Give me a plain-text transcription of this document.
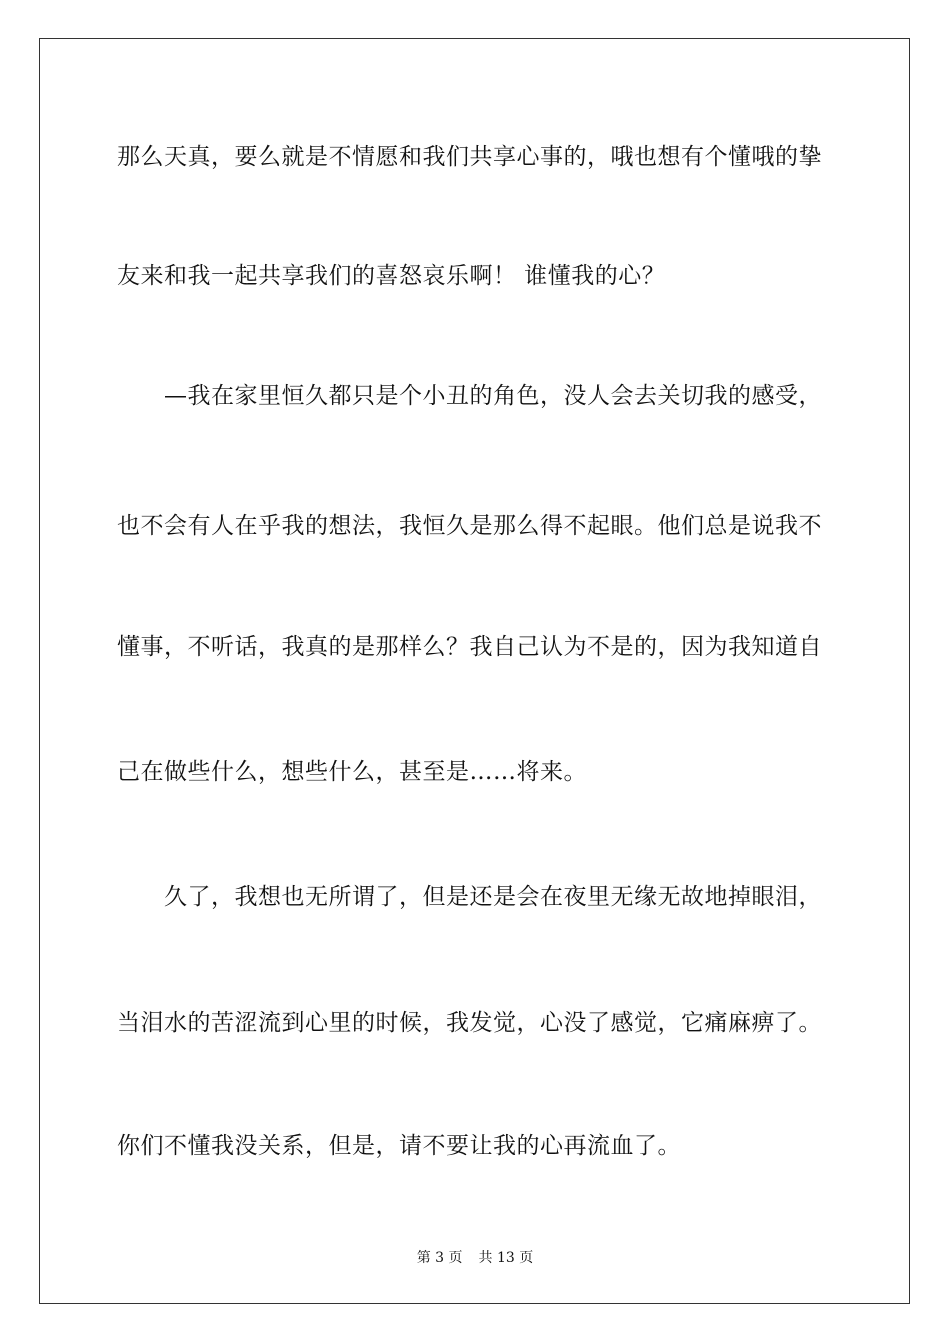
那么天真，要么就是不情愿和我们共享心事的，哦也想有个懂哦的挚
友来和我一起共享我们的喜怒哀乐啊！ 谁懂我的心？
　　—我在家里恒久都只是个小丑的角色，没人会去关切我的感受，
也不会有人在乎我的想法，我恒久是那么得不起眼。他们总是说我不
懂事，不听话，我真的是那样么？我自己认为不是的，因为我知道自
己在做些什么，想些什么，甚至是……将来。
　　久了，我想也无所谓了，但是还是会在夜里无缘无故地掉眼泪，
当泪水的苦涩流到心里的时候，我发觉，心没了感觉，它痛麻痹了。
你们不懂我没关系，但是，请不要让我的心再流血了。
第 3 页 共 13 页
